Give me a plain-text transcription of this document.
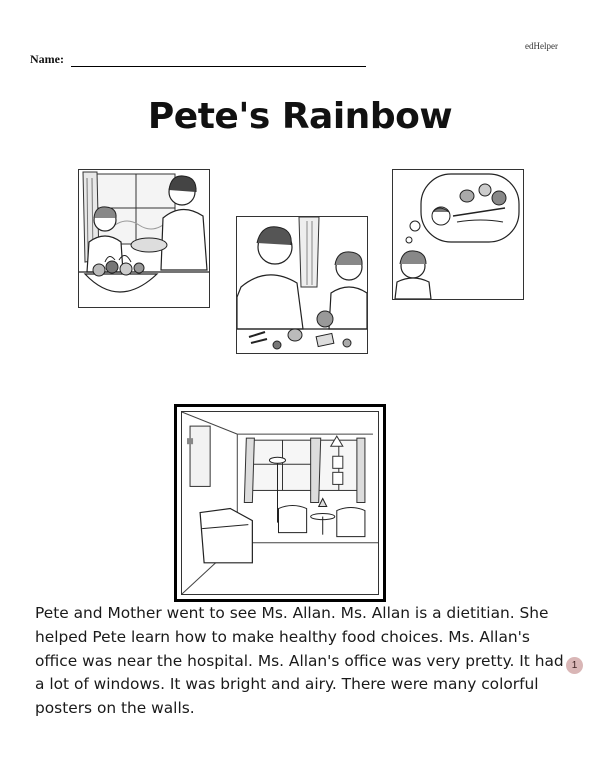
edHelper
Name:
Pete's Rainbow
Pete and Mother went to see Ms. Allan. Ms. Allan is a dietitian. She helped Pete learn how to make healthy food choices. Ms. Allan's office was near the hospital. Ms. Allan's office was very pretty. It had a lot of windows. It was bright and airy. There were many colorful posters on the walls.
1
